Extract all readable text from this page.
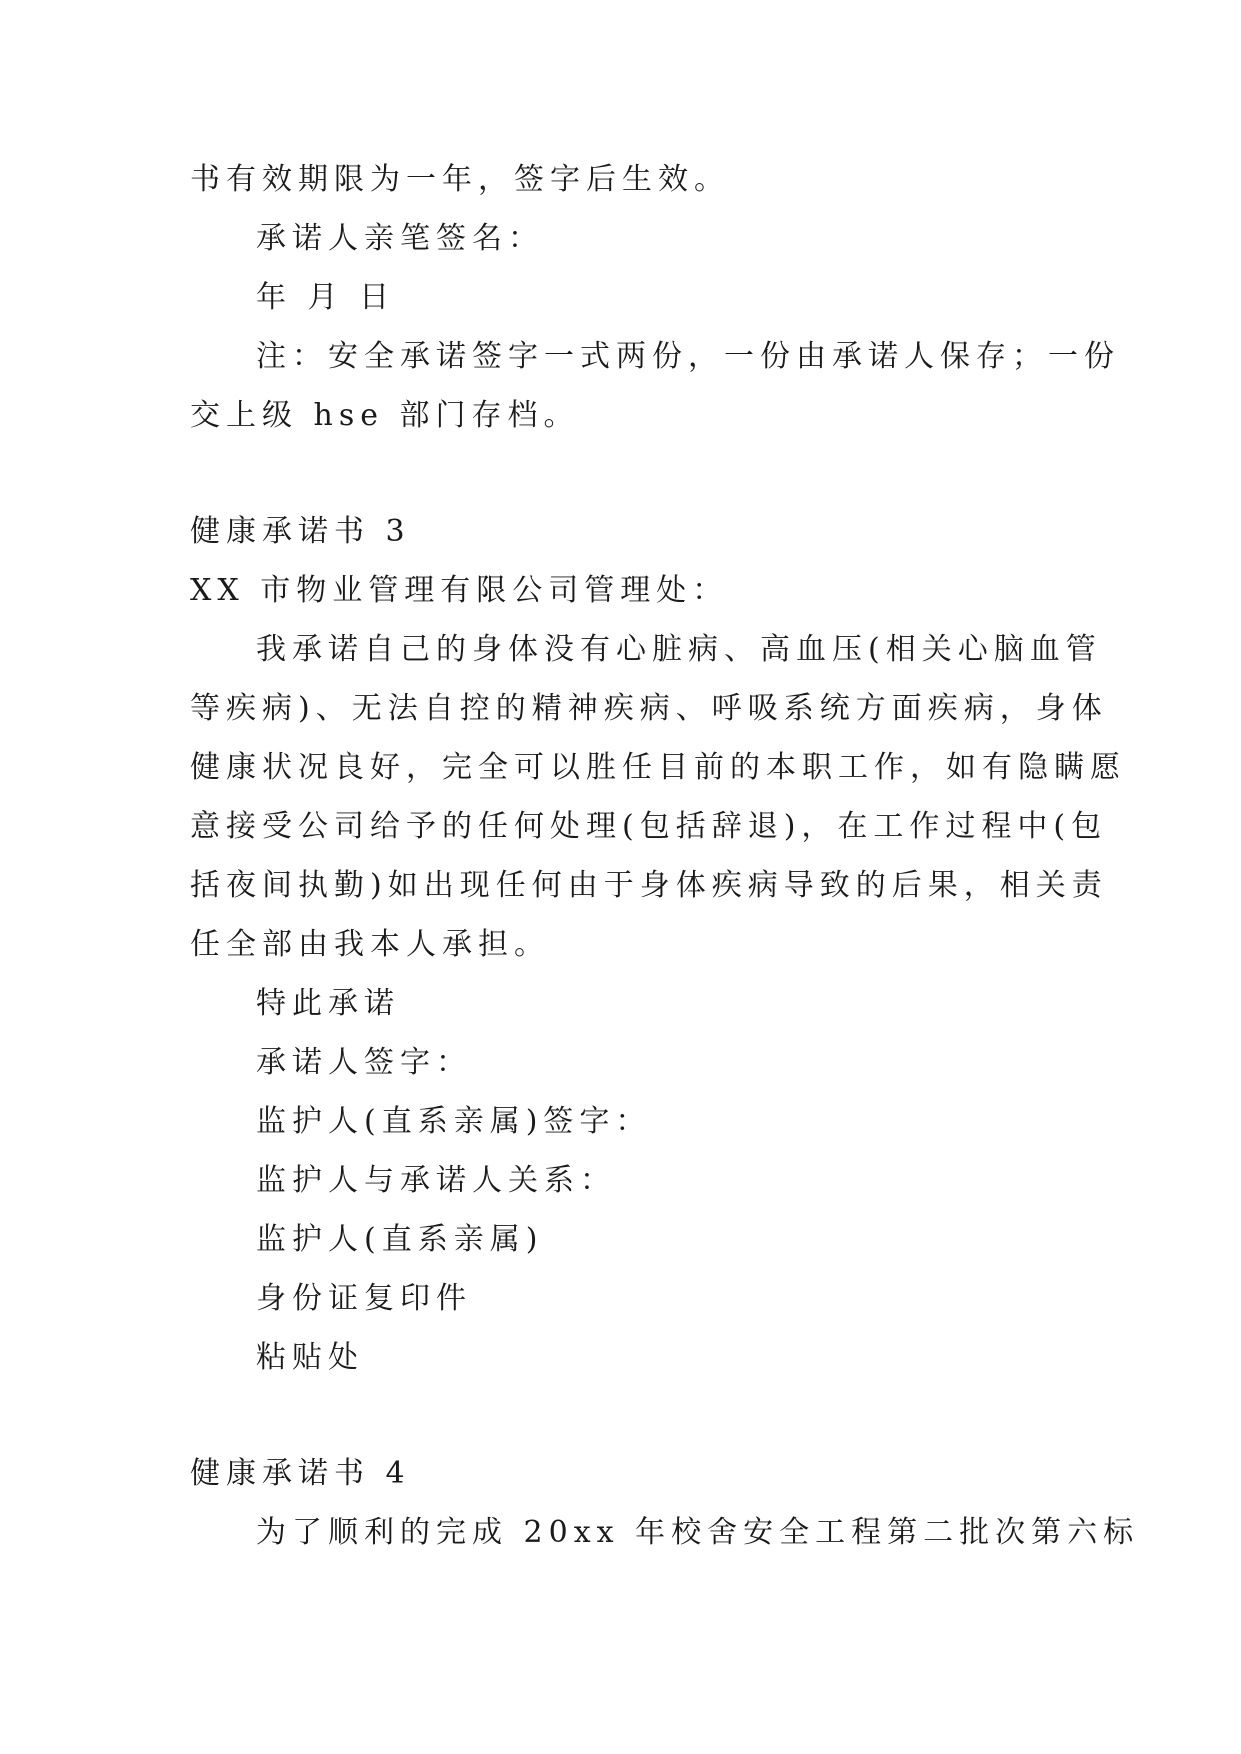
书有效期限为一年，签字后生效。
承诺人亲笔签名：
年 月 日
注：安全承诺签字一式两份，一份由承诺人保存；一份
交上级 hse 部门存档。
健康承诺书 3
XX 市物业管理有限公司管理处：
我承诺自己的身体没有心脏病、高血压(相关心脑血管
等疾病)、无法自控的精神疾病、呼吸系统方面疾病，身体
健康状况良好，完全可以胜任目前的本职工作，如有隐瞒愿
意接受公司给予的任何处理(包括辞退)，在工作过程中(包
括夜间执勤)如出现任何由于身体疾病导致的后果，相关责
任全部由我本人承担。
特此承诺
承诺人签字：
监护人(直系亲属)签字：
监护人与承诺人关系：
监护人(直系亲属)
身份证复印件
粘贴处
健康承诺书 4
为了顺利的完成 20xx 年校舍安全工程第二批次第六标
